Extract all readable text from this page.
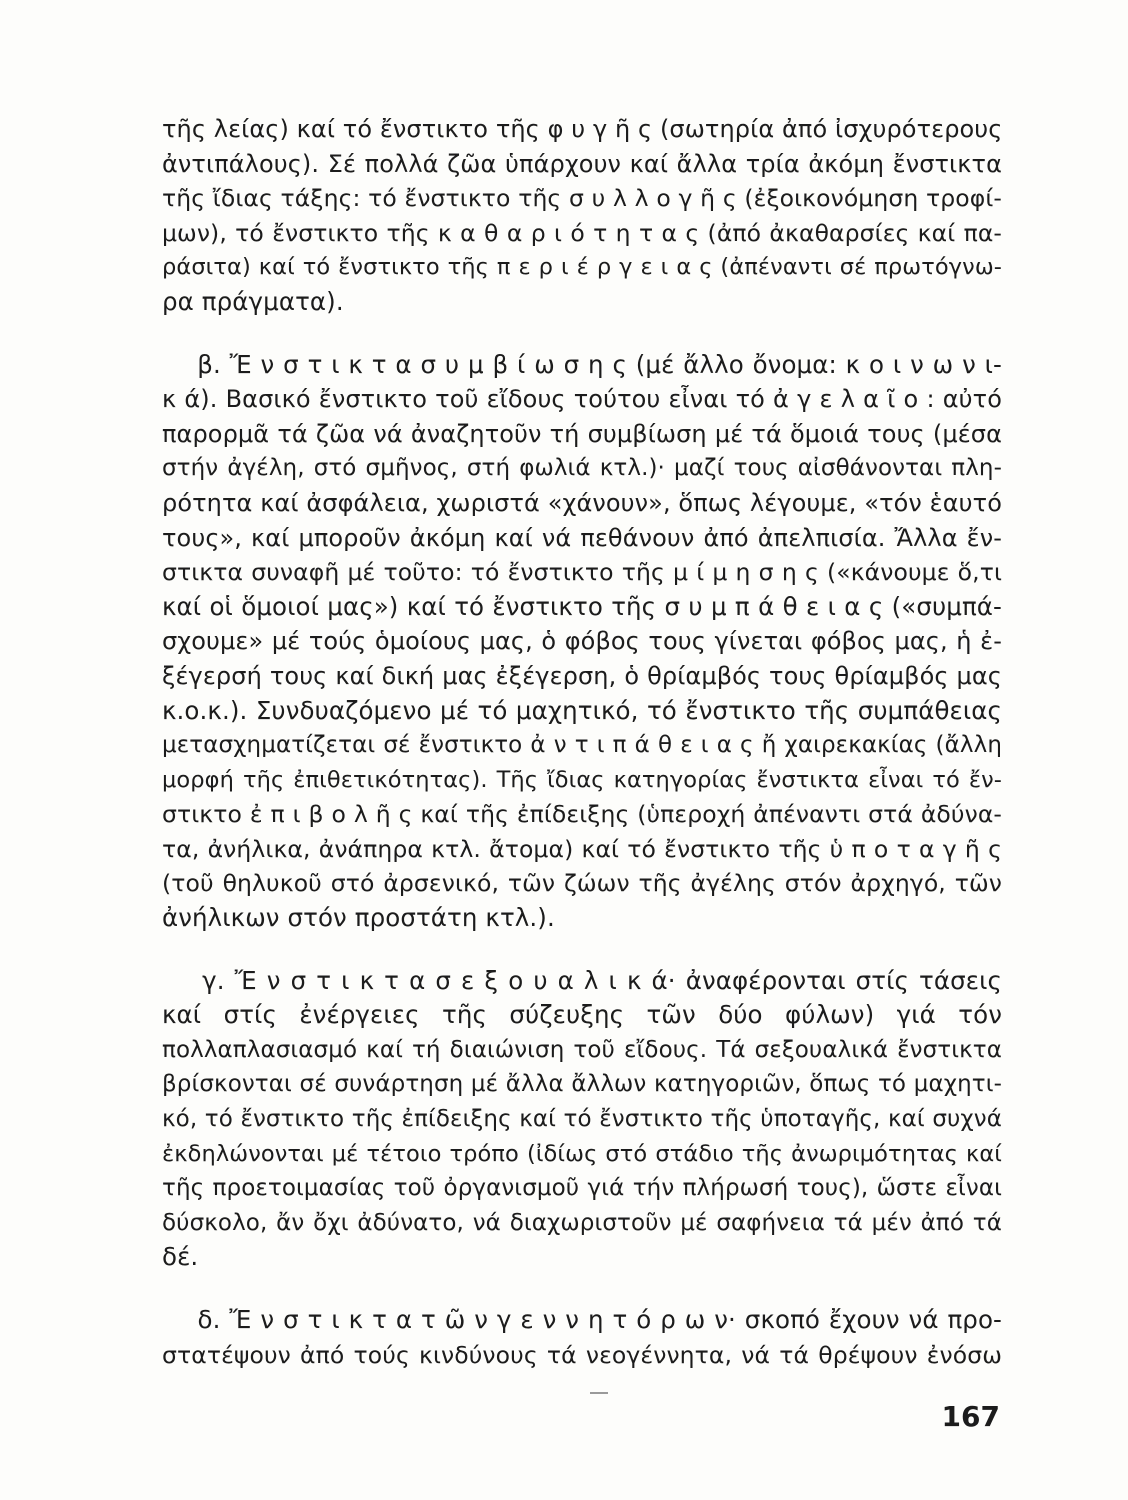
τῆς λείας) καί τό ἔνστικτο τῆς φ υ γ ῆ ς (σωτηρία ἀπό ἰσχυρότερους
ἀντιπάλους). Σέ πολλά ζῶα ὑπάρχουν καί ἄλλα τρία ἀκόμη ἔνστικτα
τῆς ἴδιας τάξης: τό ἔνστικτο τῆς σ υ λ λ ο γ ῆ ς (ἐξοικονόμηση τροφί-
μων), τό ἔνστικτο τῆς κ α θ α ρ ι ό τ η τ α ς (ἀπό ἀκαθαρσίες καί πα-
ράσιτα) καί τό ἔνστικτο τῆς π ε ρ ι έ ρ γ ε ι α ς (ἀπέναντι σέ πρωτόγνω-
ρα πράγματα).
β. Ἔ ν σ τ ι κ τ α σ υ μ β ί ω σ η ς (μέ ἄλλο ὄνομα: κ ο ι ν ω ν ι-
κ ά). Βασικό ἔνστικτο τοῦ εἴδους τούτου εἶναι τό ἀ γ ε λ α ῖ ο : αὐτό
παρορμᾶ τά ζῶα νά ἀναζητοῦν τή συμβίωση μέ τά ὅμοιά τους (μέσα
στήν ἀγέλη, στό σμῆνος, στή φωλιά κτλ.)· μαζί τους αἰσθάνονται πλη-
ρότητα καί ἀσφάλεια, χωριστά «χάνουν», ὅπως λέγουμε, «τόν ἑαυτό
τους», καί μποροῦν ἀκόμη καί νά πεθάνουν ἀπό ἀπελπισία. Ἄλλα ἔν-
στικτα συναφῆ μέ τοῦτο: τό ἔνστικτο τῆς μ ί μ η σ η ς («κάνουμε ὅ,τι
καί οἱ ὅμοιοί μας») καί τό ἔνστικτο τῆς σ υ μ π ά θ ε ι α ς («συμπά-
σχουμε» μέ τούς ὁμοίους μας, ὁ φόβος τους γίνεται φόβος μας, ἡ ἐ-
ξέγερσή τους καί δική μας ἐξέγερση, ὁ θρίαμβός τους θρίαμβός μας
κ.ο.κ.). Συνδυαζόμενο μέ τό μαχητικό, τό ἔνστικτο τῆς συμπάθειας
μετασχηματίζεται σέ ἔνστικτο ἀ ν τ ι π ά θ ε ι α ς ἤ χαιρεκακίας (ἄλλη
μορφή τῆς ἐπιθετικότητας). Τῆς ἴδιας κατηγορίας ἔνστικτα εἶναι τό ἔν-
στικτο ἐ π ι β ο λ ῆ ς καί τῆς ἐπίδειξης (ὑπεροχή ἀπέναντι στά ἀδύνα-
τα, ἀνήλικα, ἀνάπηρα κτλ. ἄτομα) καί τό ἔνστικτο τῆς ὑ π ο τ α γ ῆ ς
(τοῦ θηλυκοῦ στό ἀρσενικό, τῶν ζώων τῆς ἀγέλης στόν ἀρχηγό, τῶν
ἀνήλικων στόν προστάτη κτλ.).
γ. Ἔ ν σ τ ι κ τ α σ ε ξ ο υ α λ ι κ ά· ἀναφέρονται στίς τάσεις
καί στίς ἐνέργειες τῆς σύζευξης τῶν δύο φύλων) γιά τόν
πολλαπλασιασμό καί τή διαιώνιση τοῦ εἴδους. Τά σεξουαλικά ἔνστικτα
βρίσκονται σέ συνάρτηση μέ ἄλλα ἄλλων κατηγοριῶν, ὅπως τό μαχητι-
κό, τό ἔνστικτο τῆς ἐπίδειξης καί τό ἔνστικτο τῆς ὑποταγῆς, καί συχνά
ἐκδηλώνονται μέ τέτοιο τρόπο (ἰδίως στό στάδιο τῆς ἀνωριμότητας καί
τῆς προετοιμασίας τοῦ ὀργανισμοῦ γιά τήν πλήρωσή τους), ὥστε εἶναι
δύσκολο, ἄν ὄχι ἀδύνατο, νά διαχωριστοῦν μέ σαφήνεια τά μέν ἀπό τά
δέ.
δ. Ἔ ν σ τ ι κ τ α τ ῶ ν γ ε ν ν η τ ό ρ ω ν· σκοπό ἔχουν νά προ-
στατέψουν ἀπό τούς κινδύνους τά νεογέννητα, νά τά θρέψουν ἐνόσω
167
